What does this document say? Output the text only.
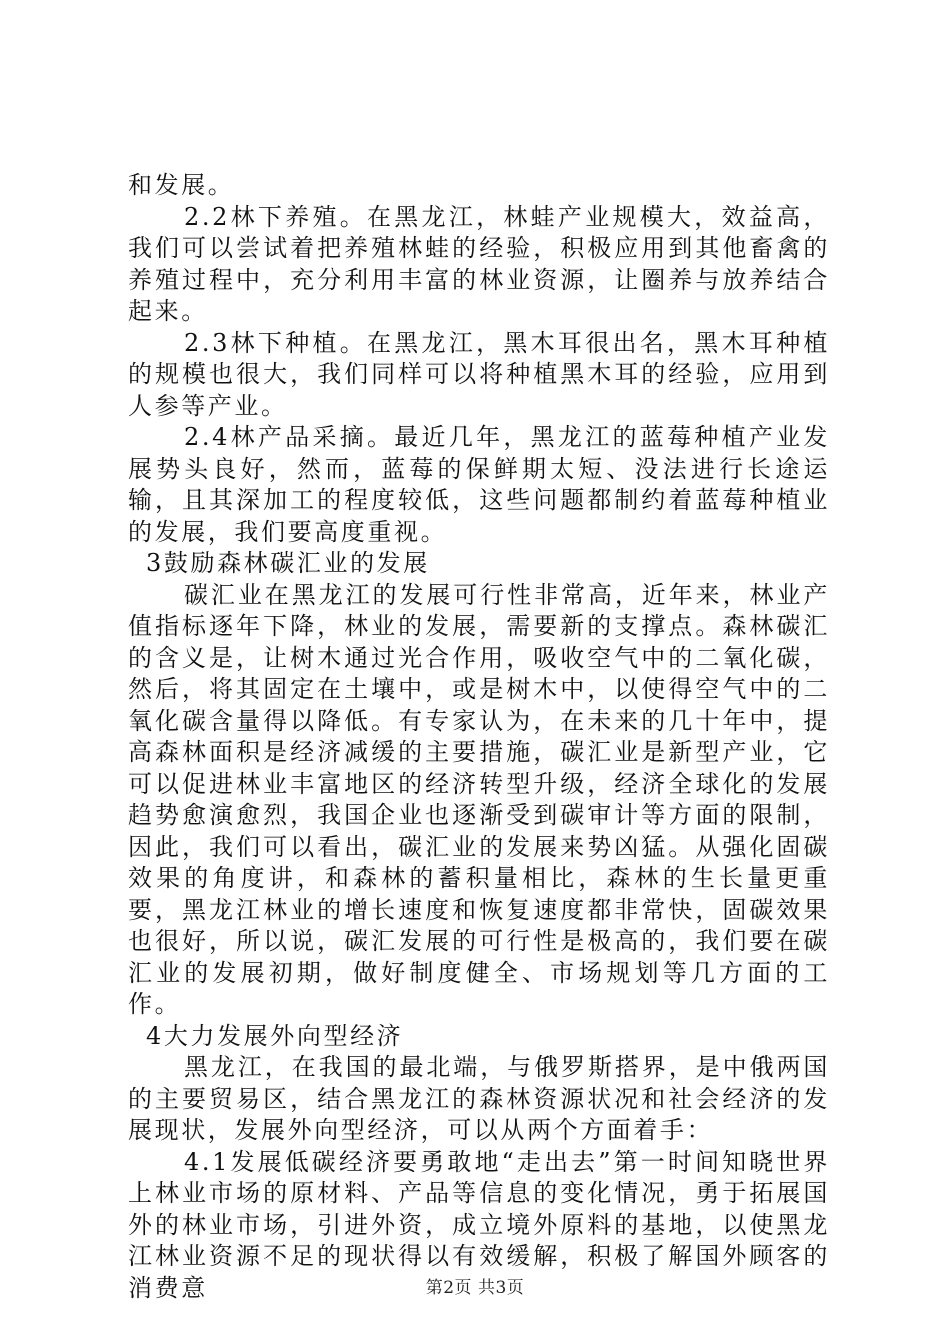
和发展。

2.2林下养殖。在黑龙江，林蛙产业规模大，效益高，我们可以尝试着把养殖林蛙的经验，积极应用到其他畜禽的养殖过程中，充分利用丰富的林业资源，让圈养与放养结合起来。

2.3林下种植。在黑龙江，黑木耳很出名，黑木耳种植的规模也很大，我们同样可以将种植黑木耳的经验，应用到人参等产业。

2.4林产品采摘。最近几年，黑龙江的蓝莓种植产业发展势头良好，然而，蓝莓的保鲜期太短、没法进行长途运输，且其深加工的程度较低，这些问题都制约着蓝莓种植业的发展，我们要高度重视。

3鼓励森林碳汇业的发展

碳汇业在黑龙江的发展可行性非常高，近年来，林业产值指标逐年下降，林业的发展，需要新的支撑点。森林碳汇的含义是，让树木通过光合作用，吸收空气中的二氧化碳，然后，将其固定在土壤中，或是树木中，以使得空气中的二氧化碳含量得以降低。有专家认为，在未来的几十年中，提高森林面积是经济减缓的主要措施，碳汇业是新型产业，它可以促进林业丰富地区的经济转型升级，经济全球化的发展趋势愈演愈烈，我国企业也逐渐受到碳审计等方面的限制，因此，我们可以看出，碳汇业的发展来势凶猛。从强化固碳效果的角度讲，和森林的蓄积量相比，森林的生长量更重要，黑龙江林业的增长速度和恢复速度都非常快，固碳效果也很好，所以说，碳汇发展的可行性是极高的，我们要在碳汇业的发展初期，做好制度健全、市场规划等几方面的工作。

4大力发展外向型经济

黑龙江，在我国的最北端，与俄罗斯搭界，是中俄两国的主要贸易区，结合黑龙江的森林资源状况和社会经济的发展现状，发展外向型经济，可以从两个方面着手：

4.1发展低碳经济要勇敢地“走出去”第一时间知晓世界上林业市场的原材料、产品等信息的变化情况，勇于拓展国外的林业市场，引进外资，成立境外原料的基地，以使黑龙江林业资源不足的现状得以有效缓解，积极了解国外顾客的消费意	第2页 共3页
